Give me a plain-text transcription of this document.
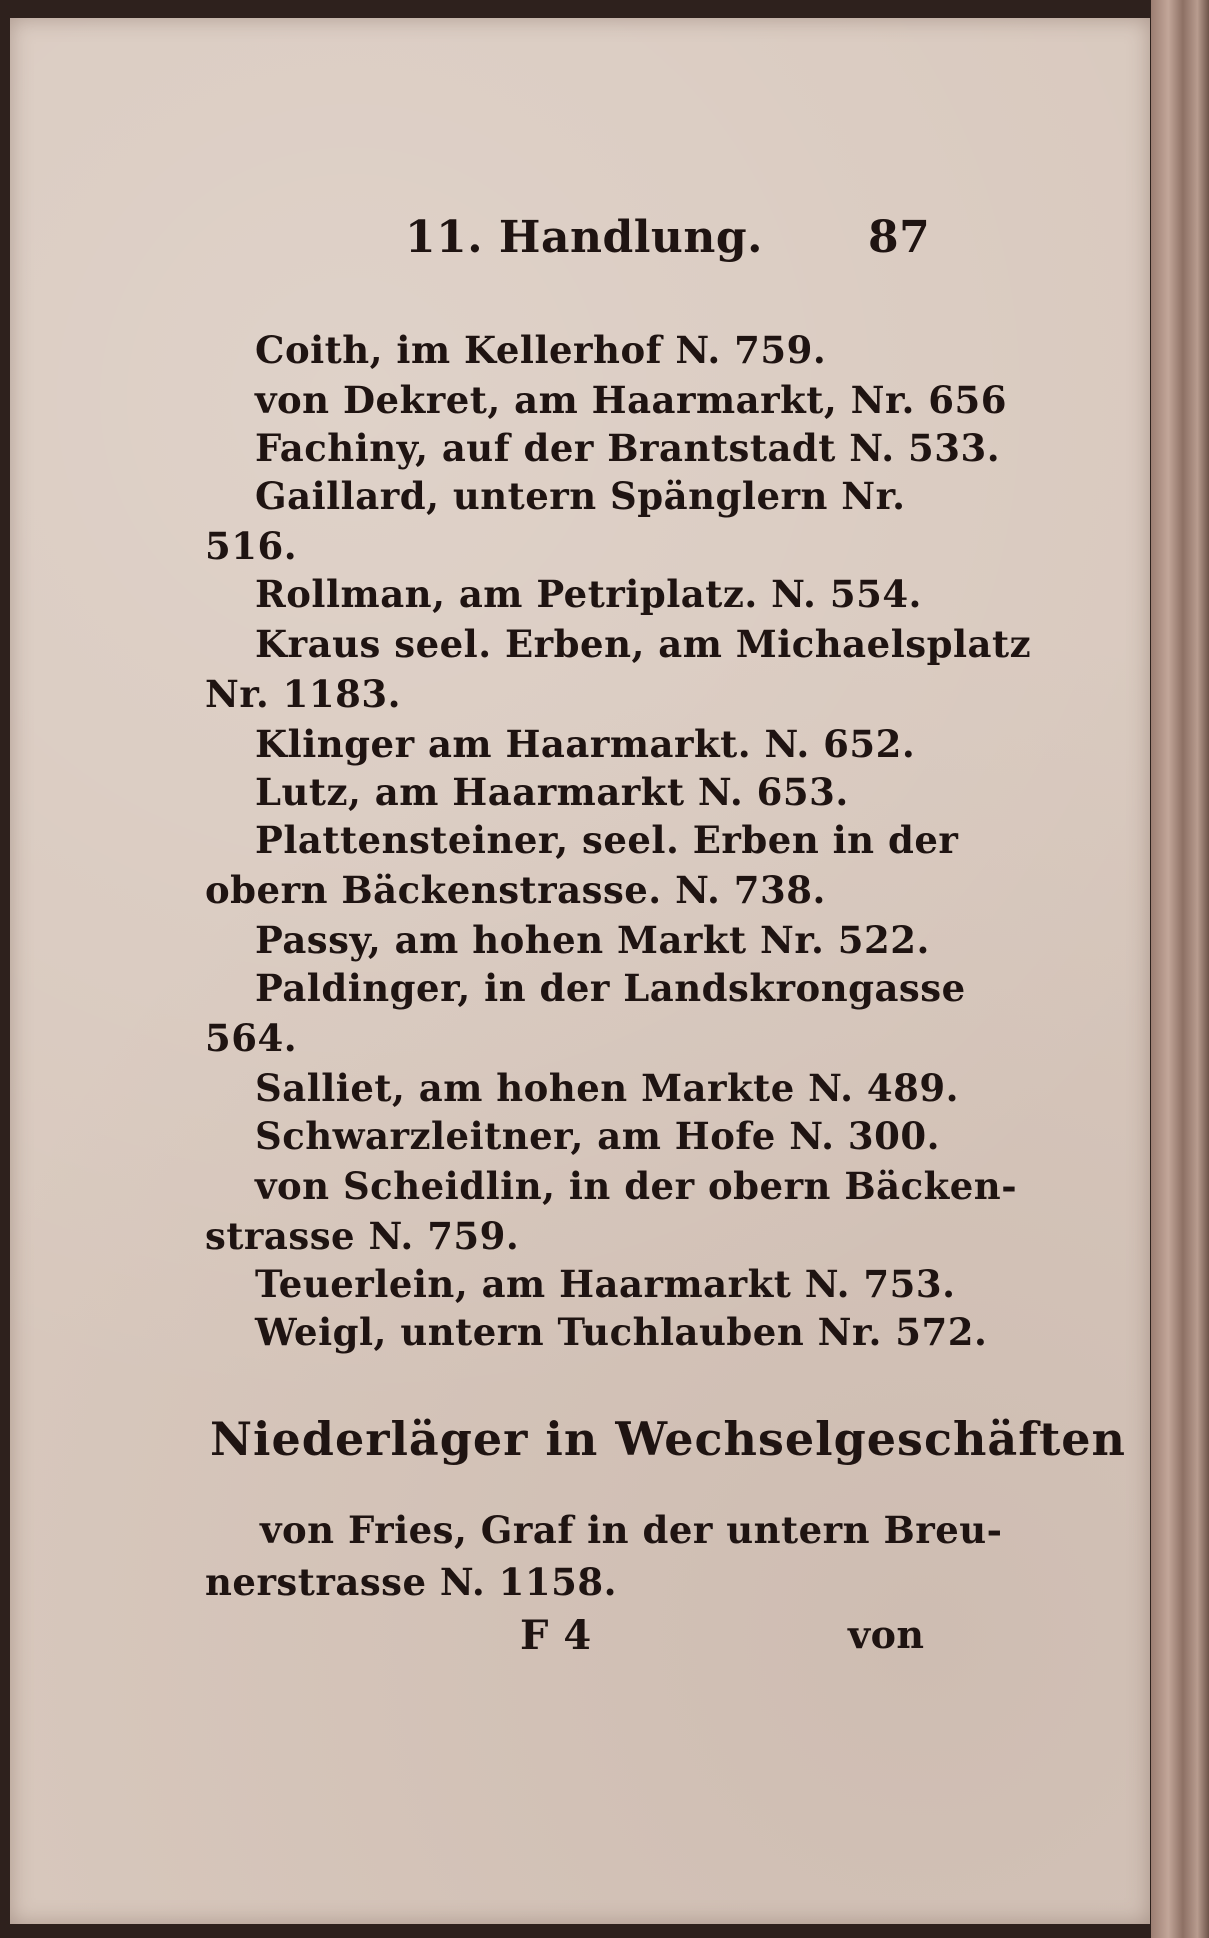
11. Handlung. 87
Coith, im Kellerhof N. 759.
von Dekret, am Haarmarkt, Nr. 656
Fachiny, auf der Brantstadt N. 533.
Gaillard, untern Spänglern Nr.
516.
Rollman, am Petriplatz. N. 554.
Kraus seel. Erben, am Michaelsplatz
Nr. 1183.
Klinger am Haarmarkt. N. 652.
Lutz, am Haarmarkt N. 653.
Plattensteiner, seel. Erben in der
obern Bäckenstrasse. N. 738.
Passy, am hohen Markt Nr. 522.
Paldinger, in der Landskrongasse
564.
Salliet, am hohen Markte N. 489.
Schwarzleitner, am Hofe N. 300.
von Scheidlin, in der obern Bäcken-
strasse N. 759.
Teuerlein, am Haarmarkt N. 753.
Weigl, untern Tuchlauben Nr. 572.
Niederläger in Wechselgeschäften
von Fries, Graf in der untern Breu-
nerstrasse N. 1158.
F 4	von
